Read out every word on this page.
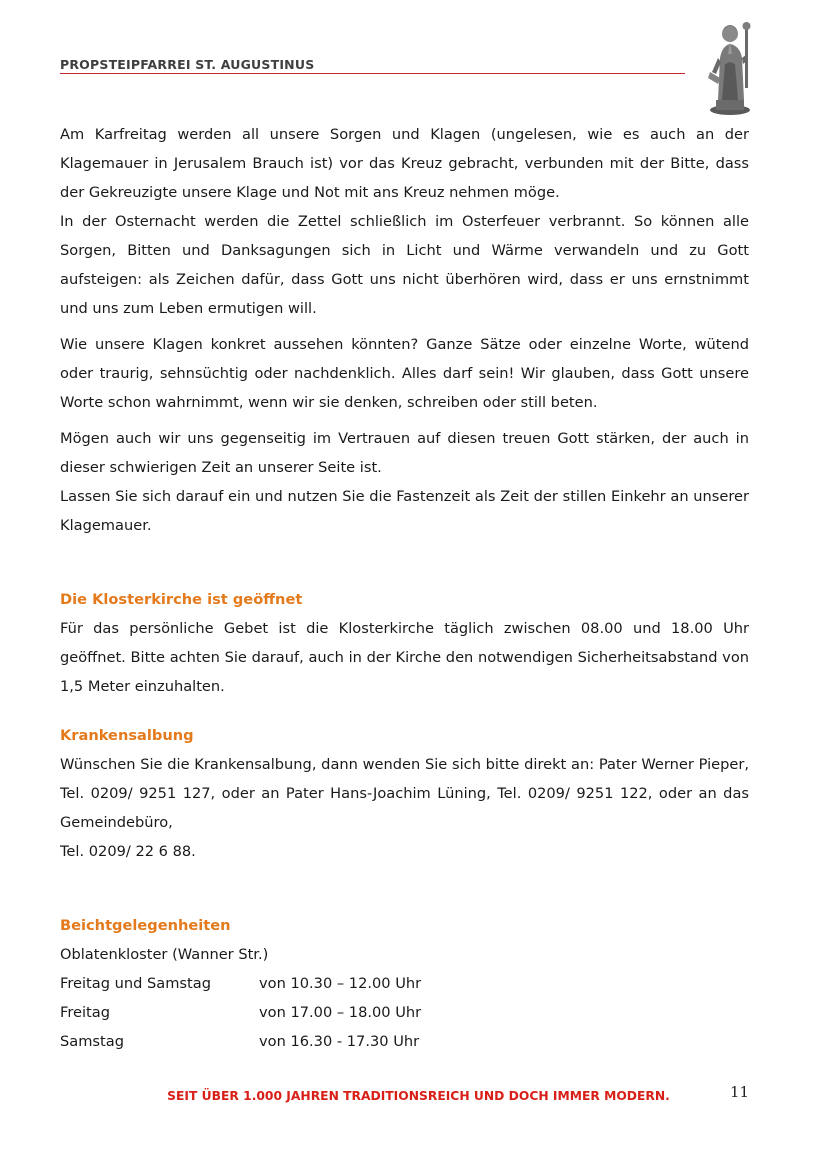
PROPSTEIPFARREI ST. AUGUSTINUS

Am Karfreitag werden all unsere Sorgen und Klagen (ungelesen, wie es auch an der Klagemauer in Jerusalem Brauch ist) vor das Kreuz gebracht, verbunden mit der Bitte, dass der Gekreuzigte unsere Klage und Not mit ans Kreuz nehmen möge.

In der Osternacht werden die Zettel schließlich im Osterfeuer verbrannt. So können alle Sorgen, Bitten und Danksagungen sich in Licht und Wärme verwandeln und zu Gott aufsteigen: als Zeichen dafür, dass Gott uns nicht überhören wird, dass er uns ernstnimmt und uns zum Leben ermutigen will.

Wie unsere Klagen konkret aussehen könnten? Ganze Sätze oder einzelne Worte, wütend oder traurig, sehnsüchtig oder nachdenklich. Alles darf sein! Wir glauben, dass Gott unsere Worte schon wahrnimmt, wenn wir sie denken, schreiben oder still beten.

Mögen auch wir uns gegenseitig im Vertrauen auf diesen treuen Gott stärken, der auch in dieser schwierigen Zeit an unserer Seite ist.

Lassen Sie sich darauf ein und nutzen Sie die Fastenzeit als Zeit der stillen Einkehr an unserer Klagemauer.

Die Klosterkirche ist geöffnet

Für das persönliche Gebet ist die Klosterkirche täglich zwischen 08.00 und 18.00 Uhr geöffnet. Bitte achten Sie darauf, auch in der Kirche den notwendigen Sicherheitsabstand von 1,5 Meter einzuhalten.

Krankensalbung

Wünschen Sie die Krankensalbung, dann wenden Sie sich bitte direkt an: Pater Werner Pieper, Tel. 0209/ 9251 127, oder an Pater Hans-Joachim Lüning, Tel. 0209/ 9251 122, oder an das Gemeindebüro,

Tel. 0209/ 22 6 88.

Beichtgelegenheiten
Oblatenkloster (Wanner Str.)
Freitag und Samstag	von 10.30 – 12.00 Uhr
Freitag	von 17.00 – 18.00 Uhr
Samstag	von 16.30 - 17.30 Uhr
SEIT ÜBER 1.000 JAHREN TRADITIONSREICH UND DOCH IMMER MODERN.	11
